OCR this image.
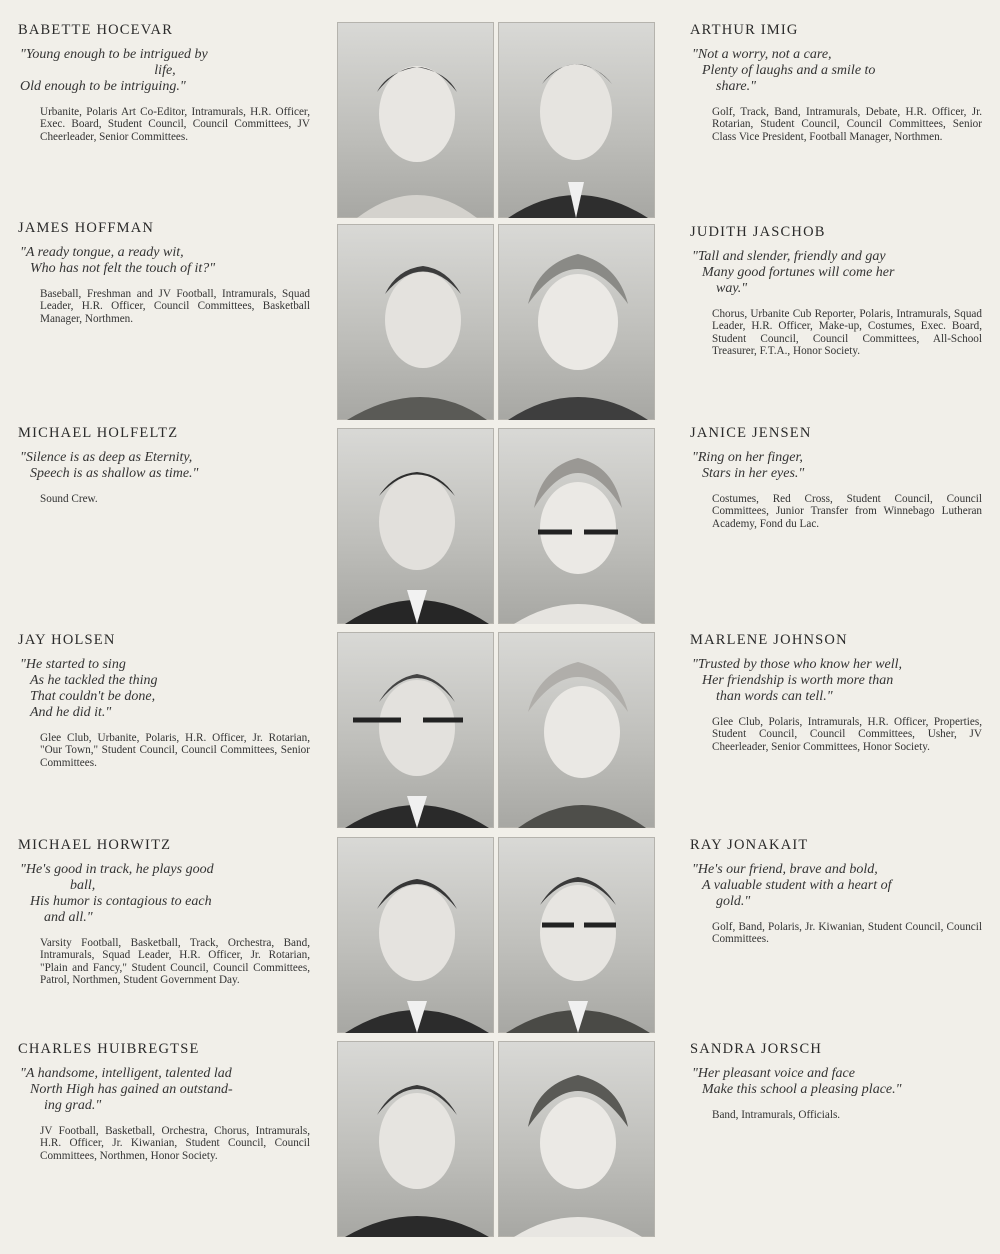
BABETTE HOCEVAR
"Young enough to be intrigued by
life,
Old enough to be intriguing."
Urbanite, Polaris Art Co-Editor, Intramurals, H.R. Officer, Exec. Board, Student Council, Council Committees, JV Cheerleader, Senior Committees.
JAMES HOFFMAN
"A ready tongue, a ready wit,
Who has not felt the touch of it?"
Baseball, Freshman and JV Football, Intramurals, Squad Leader, H.R. Officer, Council Committees, Basketball Manager, Northmen.
MICHAEL HOLFELTZ
"Silence is as deep as Eternity,
Speech is as shallow as time."
Sound Crew.
JAY HOLSEN
"He started to sing
As he tackled the thing
That couldn't be done,
And he did it."
Glee Club, Urbanite, Polaris, H.R. Officer, Jr. Rotarian, "Our Town," Student Council, Council Committees, Senior Committees.
MICHAEL HORWITZ
"He's good in track, he plays good
ball,
His humor is contagious to each
and all."
Varsity Football, Basketball, Track, Orchestra, Band, Intramurals, Squad Leader, H.R. Officer, Jr. Rotarian, "Plain and Fancy," Student Council, Council Committees, Patrol, Northmen, Student Government Day.
CHARLES HUIBREGTSE
"A handsome, intelligent, talented lad
North High has gained an outstand-
ing grad."
JV Football, Basketball, Orchestra, Chorus, Intramurals, H.R. Officer, Jr. Kiwanian, Student Council, Council Committees, Northmen, Honor Society.
ARTHUR IMIG
"Not a worry, not a care,
Plenty of laughs and a smile to
share."
Golf, Track, Band, Intramurals, Debate, H.R. Officer, Jr. Rotarian, Student Council, Council Committees, Senior Class Vice President, Football Manager, Northmen.
JUDITH JASCHOB
"Tall and slender, friendly and gay
Many good fortunes will come her
way."
Chorus, Urbanite Cub Reporter, Polaris, Intramurals, Squad Leader, H.R. Officer, Make-up, Costumes, Exec. Board, Student Council, Council Committees, All-School Treasurer, F.T.A., Honor Society.
JANICE JENSEN
"Ring on her finger,
Stars in her eyes."
Costumes, Red Cross, Student Council, Council Committees, Junior Transfer from Winnebago Lutheran Academy, Fond du Lac.
MARLENE JOHNSON
"Trusted by those who know her well,
Her friendship is worth more than
than words can tell."
Glee Club, Polaris, Intramurals, H.R. Officer, Properties, Student Council, Council Committees, Usher, JV Cheerleader, Senior Committees, Honor Society.
RAY JONAKAIT
"He's our friend, brave and bold,
A valuable student with a heart of
gold."
Golf, Band, Polaris, Jr. Kiwanian, Student Council, Council Committees.
SANDRA JORSCH
"Her pleasant voice and face
Make this school a pleasing place."
Band, Intramurals, Officials.
